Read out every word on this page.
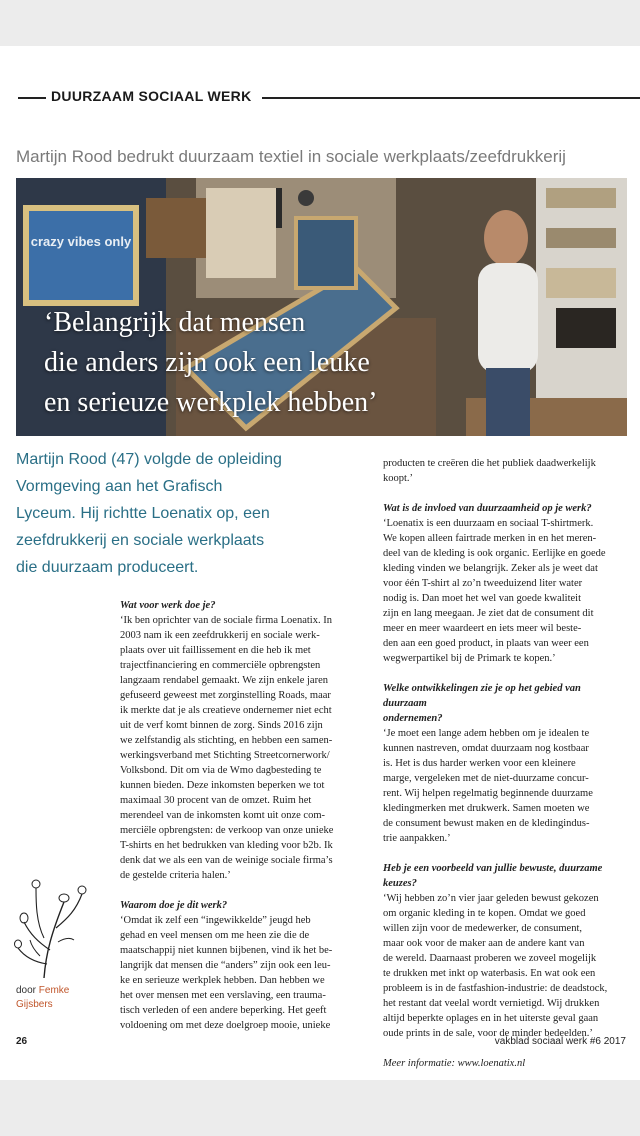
DUURZAAM SOCIAAL WERK
Martijn Rood bedrukt duurzaam textiel in sociale werkplaats/zeefdrukkerij
crazy vibes only
‘Belangrijk dat mensen
die anders zijn ook een leuke
en serieuze werkplek hebben’
Martijn Rood (47) volgde de opleiding
Vormgeving aan het Grafisch
Lyceum. Hij richtte Loenatix op, een
zeefdrukkerij en sociale werkplaats
die duurzaam produceert.

Wat voor werk doe je?

‘Ik ben oprichter van de sociale firma Loenatix. In

2003 nam ik een zeefdrukkerij en sociale werk-

plaats over uit faillissement en die heb ik met

trajectfinanciering en commerciële opbrengsten

langzaam rendabel gemaakt. We zijn enkele jaren

gefuseerd geweest met zorginstelling Roads, maar

ik merkte dat je als creatieve ondernemer niet echt

uit de verf komt binnen de zorg. Sinds 2016 zijn

we zelfstandig als stichting, en hebben een samen-

werkingsverband met Stichting Streetcornerwork/

Volksbond. Dit om via de Wmo dagbesteding te

kunnen bieden. Deze inkomsten beperken we tot

maximaal 30 procent van de omzet. Ruim het

merendeel van de inkomsten komt uit onze com-

merciële opbrengsten: de verkoop van onze unieke

T-shirts en het bedrukken van kleding voor b2b. Ik

denk dat we als een van de weinige sociale firma’s

de gestelde criteria halen.’

Waarom doe je dit werk?

‘Omdat ik zelf een “ingewikkelde” jeugd heb

gehad en veel mensen om me heen zie die de

maatschappij niet kunnen bijbenen, vind ik het be-

langrijk dat mensen die “anders” zijn ook een leu-

ke en serieuze werkplek hebben. Dan hebben we

het over mensen met een verslaving, een trauma-

tisch verleden of een andere beperking. Het geeft

voldoening om met deze doelgroep mooie, unieke

producten te creëren die het publiek daadwerkelijk

koopt.’

Wat is de invloed van duurzaamheid op je werk?

‘Loenatix is een duurzaam en sociaal T-shirtmerk.

We kopen alleen fairtrade merken in en het meren-

deel van de kleding is ook organic. Eerlijke en goede

kleding vinden we belangrijk. Zeker als je weet dat

voor één T-shirt al zo’n tweeduizend liter water

nodig is. Dan moet het wel van goede kwaliteit

zijn en lang meegaan. Je ziet dat de consument dit

meer en meer waardeert en iets meer wil beste-

den aan een goed product, in plaats van weer een

wegwerpartikel bij de Primark te kopen.’

Welke ontwikkelingen zie je op het gebied van duurzaam

ondernemen?

‘Je moet een lange adem hebben om je idealen te

kunnen nastreven, omdat duurzaam nog kostbaar

is. Het is dus harder werken voor een kleinere

marge, vergeleken met de niet-duurzame concur-

rent. Wij helpen regelmatig beginnende duurzame

kledingmerken met drukwerk. Samen moeten we

de consument bewust maken en de kledingindus-

trie aanpakken.’

Heb je een voorbeeld van jullie bewuste, duurzame keuzes?

‘Wij hebben zo’n vier jaar geleden bewust gekozen

om organic kleding in te kopen. Omdat we goed

willen zijn voor de medewerker, de consument,

maar ook voor de maker aan de andere kant van

de wereld. Daarnaast proberen we zoveel mogelijk

te drukken met inkt op waterbasis. En wat ook een

probleem is in de fastfashion-industrie: de deadstock,

het restant dat veelal wordt vernietigd. Wij drukken

altijd beperkte oplages en in het uiterste geval gaan

oude prints in de sale, voor de minder bedeelden.’

Meer informatie: www.loenatix.nl

door Femke
Gijsbers
26	vakblad sociaal werk #6 2017
